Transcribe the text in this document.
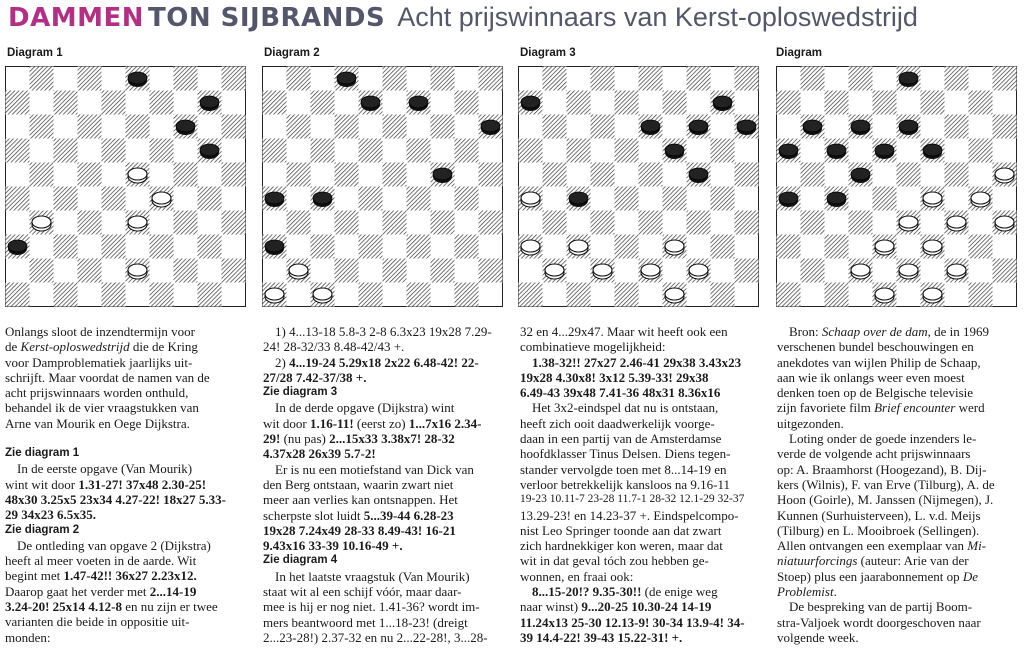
DAMMEN TON SIJBRANDS Acht prijswinnaars van Kerst-oploswedstrijd
Diagram 1	Diagram 2	Diagram 3	Diagram

Onlangs sloot de inzendtermijn voor

de Kerst-oploswedstrijd die de Kring

voor Damproblematiek jaarlijks uit-

schrijft. Maar voordat de namen van de

acht prijswinnaars worden onthuld,

behandel ik de vier vraagstukken van

Arne van Mourik en Oege Dijkstra.

Zie diagram 1

In de eerste opgave (Van Mourik)

wint wit door 1.31-27! 37x48 2.30-25!

48x30 3.25x5 23x34 4.27-22! 18x27 5.33-

29 34x23 6.5x35.

Zie diagram 2

De ontleding van opgave 2 (Dijkstra)

heeft al meer voeten in de aarde. Wit

begint met 1.47-42!! 36x27 2.23x12.

Daarop gaat het verder met 2...14-19

3.24-20! 25x14 4.12-8 en nu zijn er twee

varianten die beide in oppositie uit-

monden:

1) 4...13-18 5.8-3 2-8 6.3x23 19x28 7.29-

24! 28-32/33 8.48-42/43 +.

2) 4...19-24 5.29x18 2x22 6.48-42! 22-

27/28 7.42-37/38 +.

Zie diagram 3

In de derde opgave (Dijkstra) wint

wit door 1.16-11! (eerst zo) 1...7x16 2.34-

29! (nu pas) 2...15x33 3.38x7! 28-32

4.37x28 26x39 5.7-2!

Er is nu een motiefstand van Dick van

den Berg ontstaan, waarin zwart niet

meer aan verlies kan ontsnappen. Het

scherpste slot luidt 5...39-44 6.28-23

19x28 7.24x49 28-33 8.49-43! 16-21

9.43x16 33-39 10.16-49 +.

Zie diagram 4

In het laatste vraagstuk (Van Mourik)

staat wit al een schijf vóór, maar daar-

mee is hij er nog niet. 1.41-36? wordt im-

mers beantwoord met 1...18-23! (dreigt

2...23-28!) 2.37-32 en nu 2...22-28!, 3...28-

32 en 4...29x47. Maar wit heeft ook een

combinatieve mogelijkheid:

1.38-32!! 27x27 2.46-41 29x38 3.43x23

19x28 4.30x8! 3x12 5.39-33! 29x38

6.49-43 39x48 7.41-36 48x31 8.36x16

Het 3x2-eindspel dat nu is ontstaan,

heeft zich ooit daadwerkelijk voorge-

daan in een partij van de Amsterdamse

hoofdklasser Tinus Delsen. Diens tegen-

stander vervolgde toen met 8...14-19 en

verloor betrekkelijk kansloos na 9.16-11

19-23 10.11-7 23-28 11.7-1 28-32 12.1-29 32-37

13.29-23! en 14.23-37 +. Eindspelcompo-

nist Leo Springer toonde aan dat zwart

zich hardnekkiger kon weren, maar dat

wit in dat geval tóch zou hebben ge-

wonnen, en fraai ook:

8...15-20!? 9.35-30!! (de enige weg

naar winst) 9...20-25 10.30-24 14-19

11.24x13 25-30 12.13-9! 30-34 13.9-4! 34-

39 14.4-22! 39-43 15.22-31! +.

Bron: Schaap over de dam, de in 1969

verschenen bundel beschouwingen en

anekdotes van wijlen Philip de Schaap,

aan wie ik onlangs weer even moest

denken toen op de Belgische televisie

zijn favoriete film Brief encounter werd

uitgezonden.

Loting onder de goede inzenders le-

verde de volgende acht prijswinnaars

op: A. Braamhorst (Hoogezand), B. Dij-

kers (Wilnis), F. van Erve (Tilburg), A. de

Hoon (Goirle), M. Janssen (Nijmegen), J.

Kunnen (Surhuisterveen), L. v.d. Meijs

(Tilburg) en L. Mooibroek (Sellingen).

Allen ontvangen een exemplaar van Mi-

niatuurforcings (auteur: Arie van der

Stoep) plus een jaarabonnement op De

Problemist.

De bespreking van de partij Boom-

stra-Valjoek wordt doorgeschoven naar

volgende week.
